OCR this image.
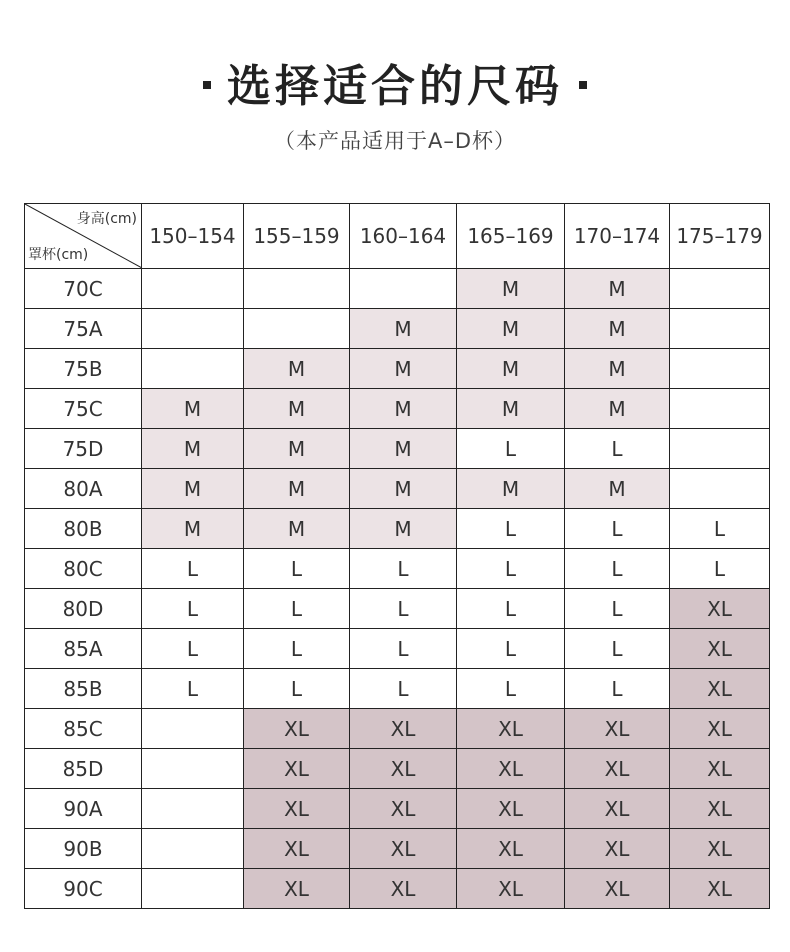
选择适合的尺码
（本产品适用于A–D杯）
身高(cm)
罩杯(cm)	150–154	155–159	160–164	165–169	170–174	175–179
70C				M	M	
75A			M	M	M	
75B		M	M	M	M	
75C	M	M	M	M	M	
75D	M	M	M	L	L	
80A	M	M	M	M	M	
80B	M	M	M	L	L	L
80C	L	L	L	L	L	L
80D	L	L	L	L	L	XL
85A	L	L	L	L	L	XL
85B	L	L	L	L	L	XL
85C		XL	XL	XL	XL	XL
85D		XL	XL	XL	XL	XL
90A		XL	XL	XL	XL	XL
90B		XL	XL	XL	XL	XL
90C		XL	XL	XL	XL	XL
